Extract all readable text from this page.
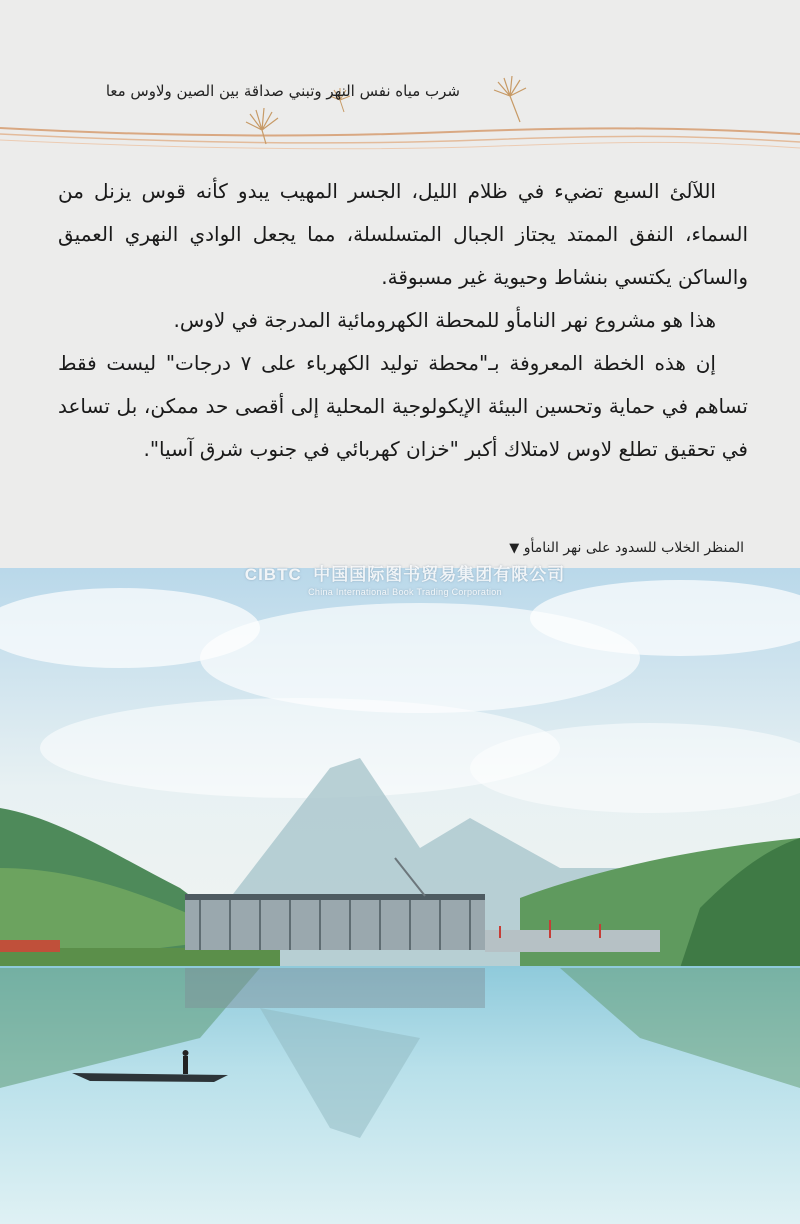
شرب مياه نفس النهر وتبني صداقة بين الصين ولاوس معا

اللآلئ السبع تضيء في ظلام الليل، الجسر المهيب يبدو كأنه قوس يزنل من السماء، النفق الممتد يجتاز الجبال المتسلسلة، مما يجعل الوادي النهري العميق والساكن يكتسي بنشاط وحيوية غير مسبوقة.

هذا هو مشروع نهر النامأو للمحطة الكهرومائية المدرجة في لاوس.

إن هذه الخطة المعروفة بـ"محطة توليد الكهرباء على ٧ درجات" ليست فقط تساهم في حماية وتحسين البيئة الإيكولوجية المحلية إلى أقصى حد ممكن، بل تساعد في تحقيق تطلع لاوس لامتلاك أكبر "خزان كهربائي في جنوب شرق آسيا".

المنظر الخلاب للسدود على نهر النامأو ▼
CIBTC 中国国际图书贸易集团有限公司
China International Book Trading Corporation
